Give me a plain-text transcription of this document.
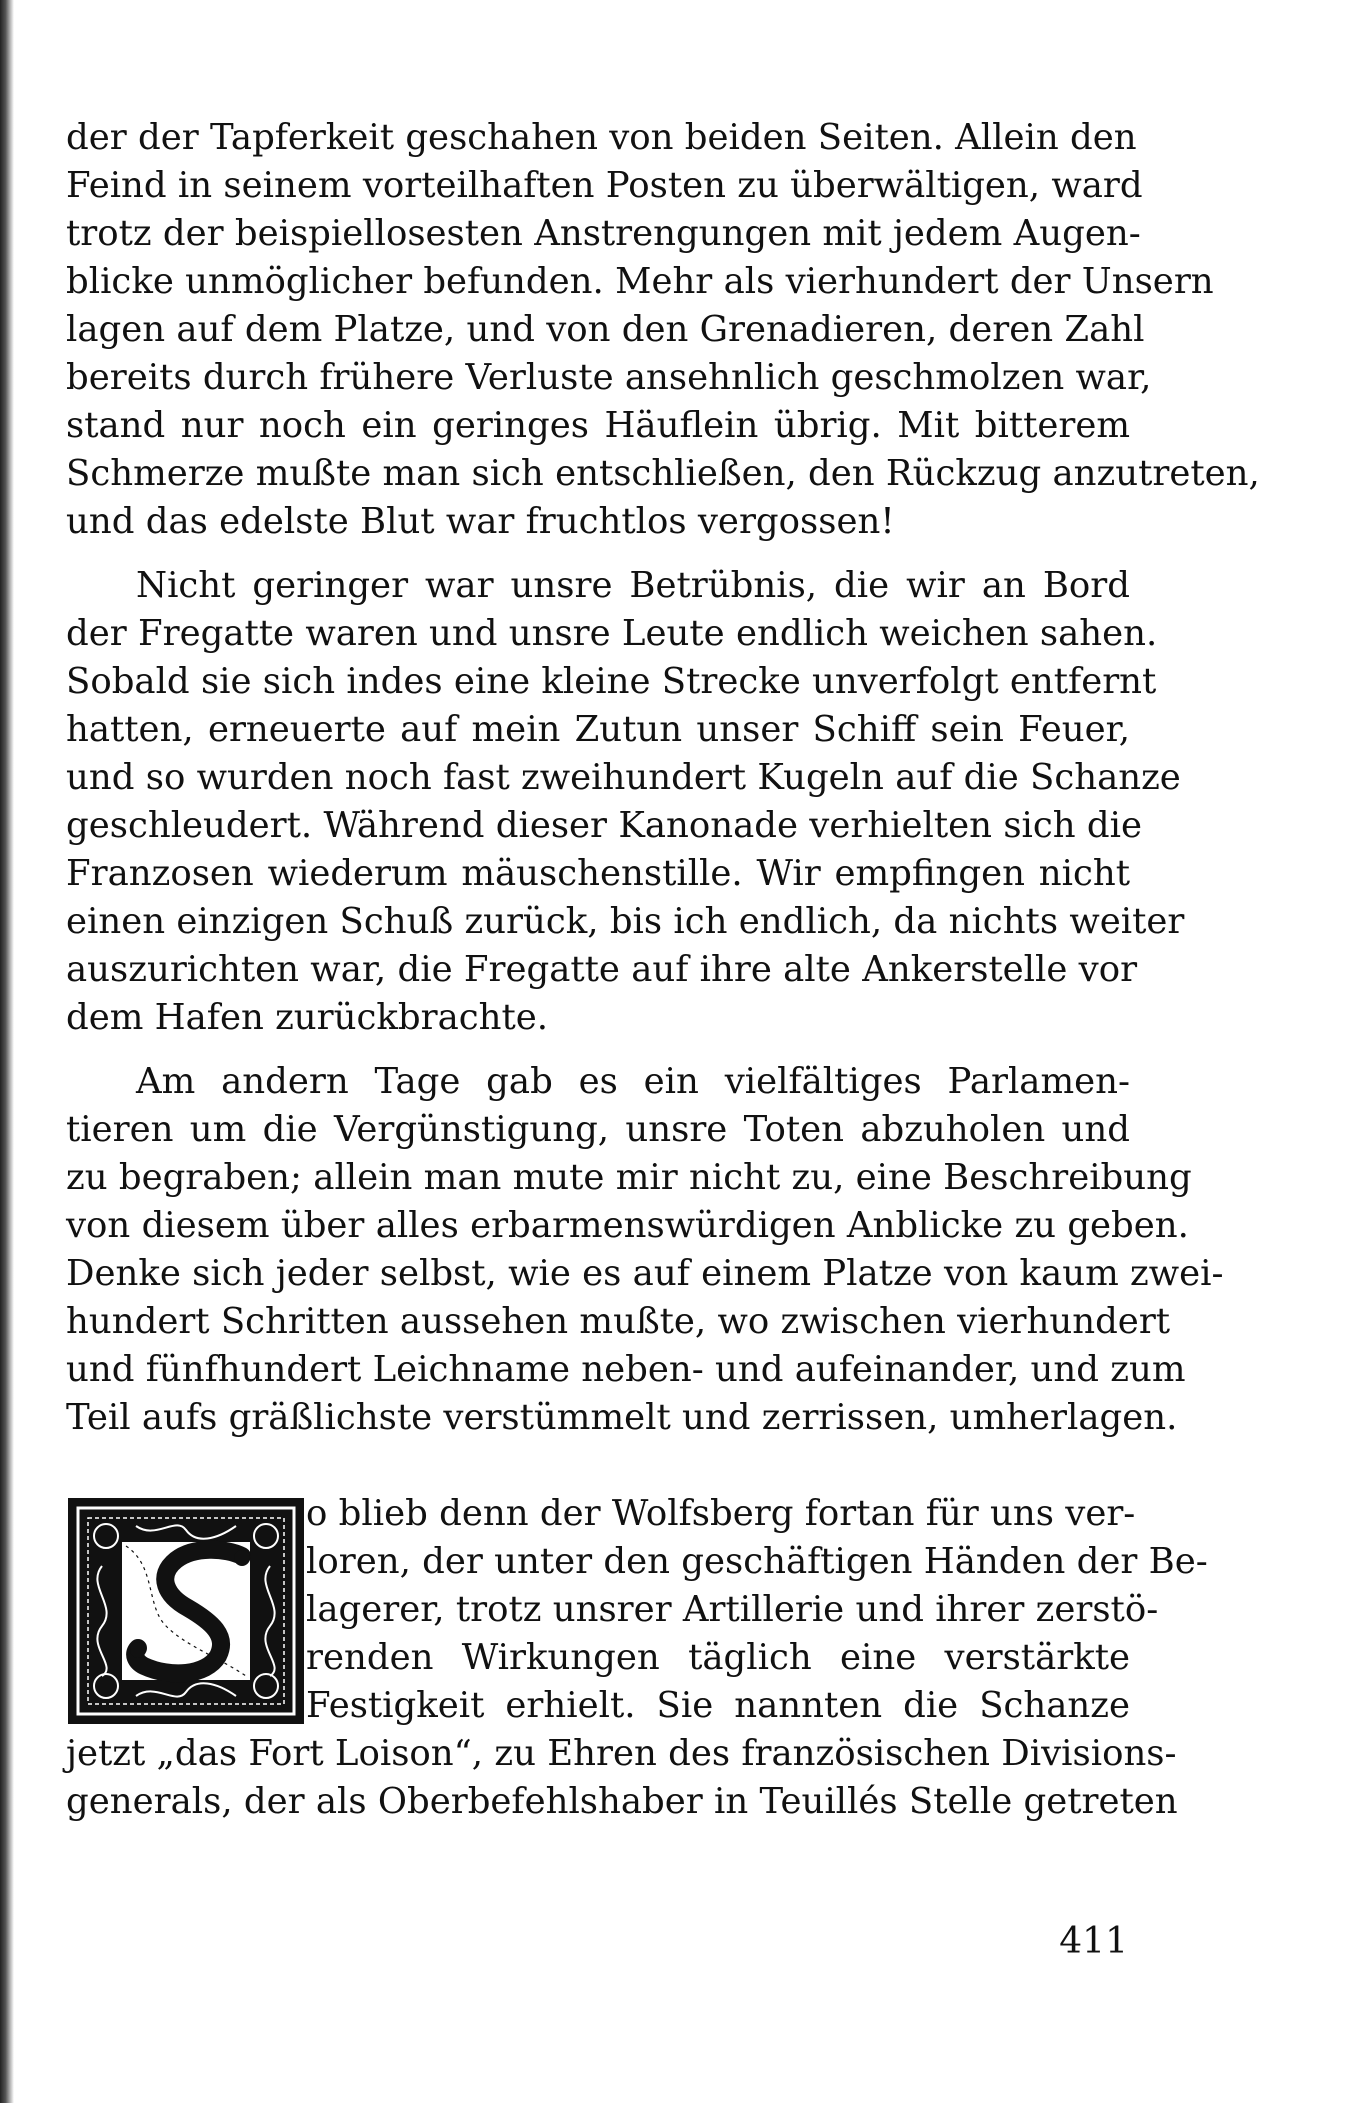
der der Tapferkeit geschahen von beiden Seiten. Allein den
Feind in seinem vorteilhaften Posten zu überwältigen, ward
trotz der beispiellosesten Anstrengungen mit jedem Augen-
blicke unmöglicher befunden. Mehr als vierhundert der Unsern
lagen auf dem Platze, und von den Grenadieren, deren Zahl
bereits durch frühere Verluste ansehnlich geschmolzen war,
stand nur noch ein geringes Häuflein übrig. Mit bitterem
Schmerze mußte man sich entschließen, den Rückzug anzutreten,
und das edelste Blut war fruchtlos vergossen!
Nicht geringer war unsre Betrübnis, die wir an Bord
der Fregatte waren und unsre Leute endlich weichen sahen.
Sobald sie sich indes eine kleine Strecke unverfolgt entfernt
hatten, erneuerte auf mein Zutun unser Schiff sein Feuer,
und so wurden noch fast zweihundert Kugeln auf die Schanze
geschleudert. Während dieser Kanonade verhielten sich die
Franzosen wiederum mäuschenstille. Wir empfingen nicht
einen einzigen Schuß zurück, bis ich endlich, da nichts weiter
auszurichten war, die Fregatte auf ihre alte Ankerstelle vor
dem Hafen zurückbrachte.
Am andern Tage gab es ein vielfältiges Parlamen-
tieren um die Vergünstigung, unsre Toten abzuholen und
zu begraben; allein man mute mir nicht zu, eine Beschreibung
von diesem über alles erbarmenswürdigen Anblicke zu geben.
Denke sich jeder selbst, wie es auf einem Platze von kaum zwei-
hundert Schritten aussehen mußte, wo zwischen vierhundert
und fünfhundert Leichname neben- und aufeinander, und zum
Teil aufs gräßlichste verstümmelt und zerrissen, umherlagen.
o blieb denn der Wolfsberg fortan für uns ver-
loren, der unter den geschäftigen Händen der Be-
lagerer, trotz unsrer Artillerie und ihrer zerstö-
renden Wirkungen täglich eine verstärkte
Festigkeit erhielt. Sie nannten die Schanze
jetzt „das Fort Loison“, zu Ehren des französischen Divisions-
generals, der als Oberbefehlshaber in Teuillés Stelle getreten
411
